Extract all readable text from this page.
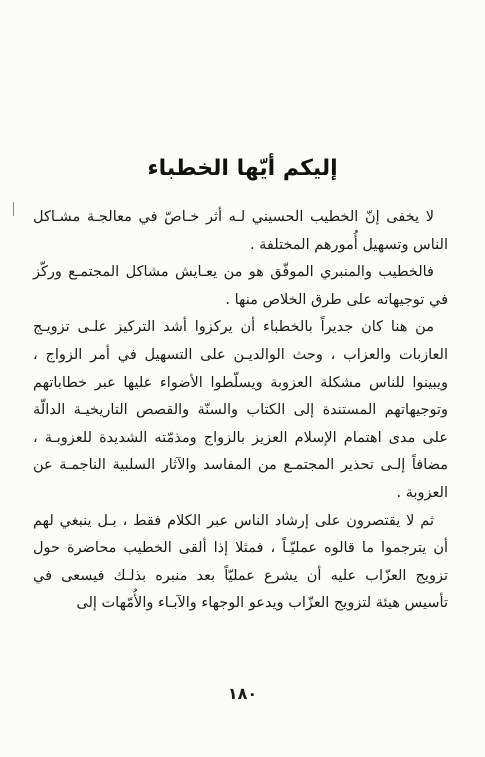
إليكم أيّها الخطباء

لا يخفى إنّ الخطيب الحسيني لـه أثر خـاصّ في معالجـة مشـاكل الناس وتسهيل أُمورهم المختلفة .

فالخطيب والمنبري الموفّق هو من يعـايش مشاكل المجتمـع وركّز في توجيهاته على طرق الخلاص منها .

من هنا كان جديراً بالخطباء أن يركزوا أشد التركيز علـى تزويـج العازبات والعزاب ، وحث الوالديـن على التسهيل في أمر الزواج ، ويبينوا للناس مشكلة العزوبة ويسلّطوا الأضواء عليها عبر خطاباتهم وتوجيهاتهم المستندة إلى الكتاب والسنّة والقصص التاريخيـة الدالّة على مدى اهتمام الإسلام العزيز بالزواج ومذمّته الشديدة للعزوبـة ، مضافاً إلـى تحذير المجتمـع من المفاسد والآثار السلبية الناجمـة عن العزوبة .

ثم لا يقتصرون على إرشاد الناس عبر الكلام فقط ، بـل ينبغي لهم أن يترجموا ما قالوه عمليّـاً ، فمثلا إذا ألقى الخطيب محاضرة حول تزويج العزّاب عليه أن يشرع عمليّاً بعد منبره بذلـك فيسعى في تأسيس هيئة لتزويج العزّاب ويدعو الوجهاء والآبـاء والأُمّهات إلى

١٨٠
